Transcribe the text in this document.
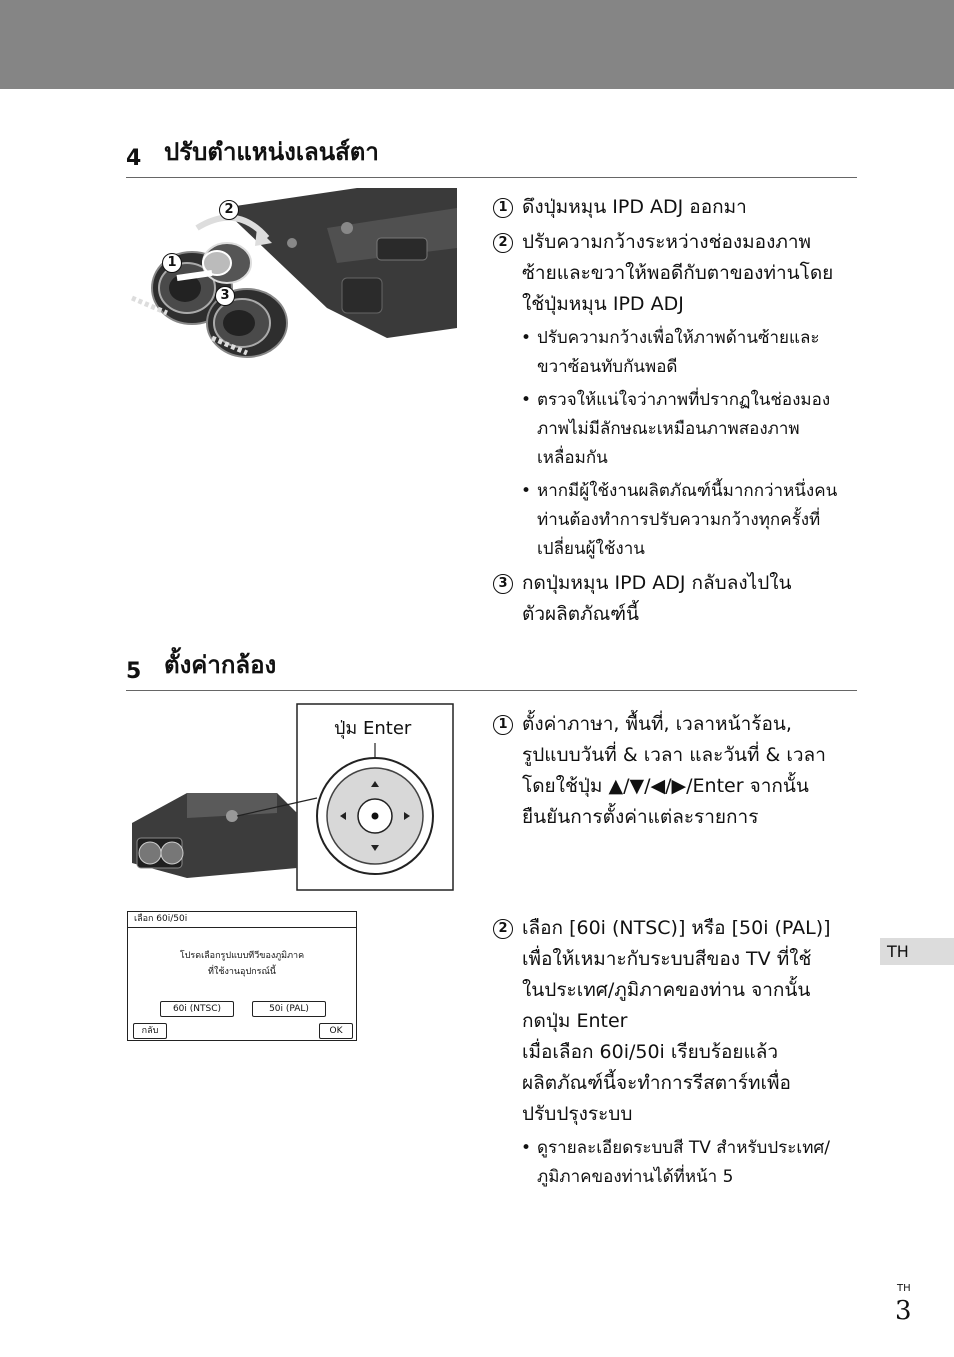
4 ปรับตำแหน่งเลนส์ตา
2
1
3
1 ดึงปุ่มหมุน IPD ADJ ออกมา
2 ปรับความกว้างระหว่างช่องมองภาพ
ซ้ายและขวาให้พอดีกับตาของท่านโดย
ใช้ปุ่มหมุน IPD ADJ
• ปรับความกว้างเพื่อให้ภาพด้านซ้ายและ
ขวาซ้อนทับกันพอดี
• ตรวจให้แน่ใจว่าภาพที่ปรากฏในช่องมอง
ภาพไม่มีลักษณะเหมือนภาพสองภาพ
เหลื่อมกัน
• หากมีผู้ใช้งานผลิตภัณฑ์นี้มากกว่าหนึ่งคน
ท่านต้องทำการปรับความกว้างทุกครั้งที่
เปลี่ยนผู้ใช้งาน
3 กดปุ่มหมุน IPD ADJ กลับลงไปใน
ตัวผลิตภัณฑ์นี้
5 ตั้งค่ากล้อง
ปุ่ม Enter	1 ตั้งค่าภาษา, พื้นที่, เวลาหน้าร้อน,
รูปแบบวันที่ & เวลา และวันที่ & เวลา
โดยใช้ปุ่ม ▲/▼/◀/▶/Enter จากนั้น
ยืนยันการตั้งค่าแต่ละรายการ
เลือก 60i/50i
โปรดเลือกรูปแบบทีวีของภูมิภาค
ที่ใช้งานอุปกรณ์นี้
60i (NTSC)	50i (PAL)
กลับ	OK
2 เลือก [60i (NTSC)] หรือ [50i (PAL)]
เพื่อให้เหมาะกับระบบสีของ TV ที่ใช้
ในประเทศ/ภูมิภาคของท่าน จากนั้น
กดปุ่ม Enter
เมื่อเลือก 60i/50i เรียบร้อยแล้ว
ผลิตภัณฑ์นี้จะทำการรีสตาร์ทเพื่อ
ปรับปรุงระบบ
• ดูรายละเอียดระบบสี TV สำหรับประเทศ/
ภูมิภาคของท่านได้ที่หน้า 5
TH
TH
3
